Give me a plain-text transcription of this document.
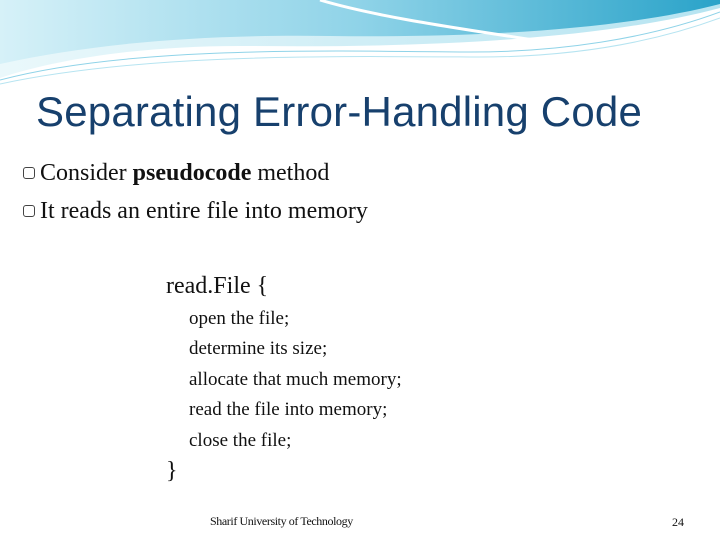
Separating Error-Handling Code
Consider pseudocode method
It reads an entire file into memory
read.File {
open the file;
determine its size;
allocate that much memory;
read the file into memory;
close the file;
}
Sharif University of Technology	24
